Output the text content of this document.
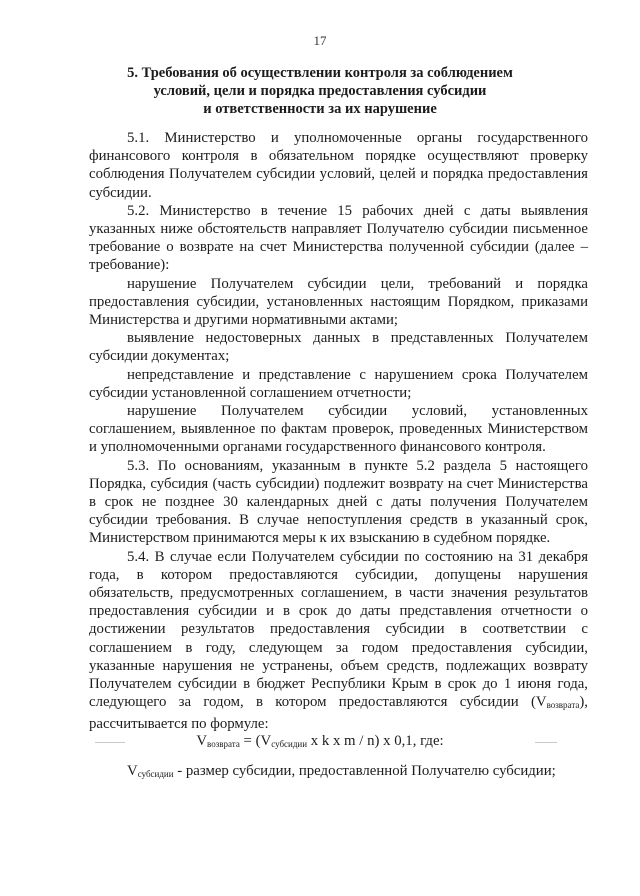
17
5. Требования об осуществлении контроля за соблюдением
условий, цели и порядка предоставления субсидии
и ответственности за их нарушение

5.1. Министерство и уполномоченные органы государственного финансового контроля в обязательном порядке осуществляют проверку соблюдения Получателем субсидии условий, целей и порядка предоставления субсидии.

5.2. Министерство в течение 15 рабочих дней с даты выявления указанных ниже обстоятельств направляет Получателю субсидии письменное требование о возврате на счет Министерства полученной субсидии (далее – требование):

нарушение Получателем субсидии цели, требований и порядка предоставления субсидии, установленных настоящим Порядком, приказами Министерства и другими нормативными актами;

выявление недостоверных данных в представленных Получателем субсидии документах;

непредставление и представление с нарушением срока Получателем субсидии установленной соглашением отчетности;

нарушение Получателем субсидии условий, установленных соглашением, выявленное по фактам проверок, проведенных Министерством и уполномоченными органами государственного финансового контроля.

5.3. По основаниям, указанным в пункте 5.2 раздела 5 настоящего Порядка, субсидия (часть субсидии) подлежит возврату на счет Министерства в срок не позднее 30 календарных дней с даты получения Получателем субсидии требования. В случае непоступления средств в указанный срок, Министерством принимаются меры к их взысканию в судебном порядке.

5.4. В случае если Получателем субсидии по состоянию на 31 декабря года, в котором предоставляются субсидии, допущены нарушения обязательств, предусмотренных соглашением, в части значения результатов предоставления субсидии и в срок до даты представления отчетности о достижении результатов предоставления субсидии в соответствии с соглашением в году, следующем за годом предоставления субсидии, указанные нарушения не устранены, объем средств, подлежащих возврату Получателем субсидии в бюджет Республики Крым в срок до 1 июня года, следующего за годом, в котором предоставляются субсидии $(V_{возврата})$, рассчитывается по формуле:

$V_{возврата} = (V_{субсидии}$ x k x m / n) x 0,1, где:
$V_{субсидии}$ - размер субсидии, предоставленной Получателю субсидии;
